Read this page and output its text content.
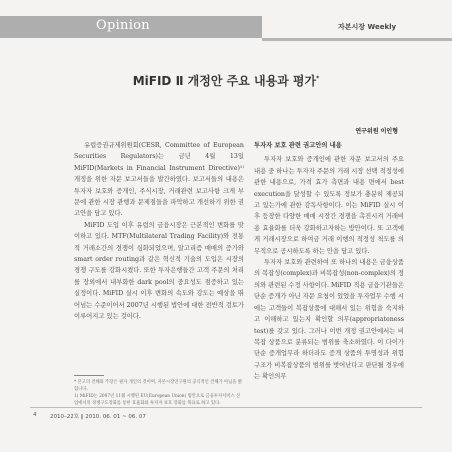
Opinion	자본시장 Weekly
MiFID Ⅱ 개정안 주요 내용과 평가*
연구위원 이인형

유럽증권규제위원회(CESR, Committee of European Securities Regulators)는 금년 4월 13일 MiFID(Markets in Financial Instrument Directive)¹⁾ 개정을 위한 자문 보고서들을 발간하였다. 보고서들의 내용은 투자자 보호와 증개인, 주식시장, 거래관련 보고사항 크게 부문에 관한 시장 관행과 문제점들을 파악하고 개선하기 위한 권고안을 담고 있다.

MiFID 도입 이후 유럽의 금융시장은 근본적인 변화를 맞이하고 있다. MTF(Multilateral Trading Facility)와 전통적 거래소간의 경쟁이 심화되었으며, 알고리즘 매매의 증가와 smart order routing과 같은 혁신적 기술의 도입은 시장의 경쟁 구도를 강화시켰다. 또한 투자은행들간 고객 주문의 처리를 장외에서 내부화한 dark pool의 중요성도 점증하고 있는 실정이다. MiFID 실시 이후 변화의 속도와 강도는 예상을 뛰어넘는 수준이어서 2007년 시행된 법안에 대한 전반적 검토가 이루어지고 있는 것이다.

* 본고의 견해와 주장은 필자 개인의 것이며, 자본시장연구원의 공식적인 견해가 아님을 밝힙니다.

1) MiFID는 2007년 11월 시행된 EU(European Union) 법안으로 금융투자서비스 산업에서의 경쟁구도강화를 통한 효율화와 투자자 보호 강화를 목표로 하고 있다.

투자자 보호 관련 권고안의 내용

투자자 보호와 증개인에 관한 자문 보고서의 주요 내용 중 하나는 투자자 주문의 거래 시장 선택 적정성에 관한 내용으로, 가격 효가 측면과 내용 면에서 best execution을 달성할 수 있도록 정보가 충분히 제공되고 있는가에 관한 감독사항이다. 이는 MiFID 실시 이후 등장한 다양한 매매 시장간 경쟁을 촉진시켜 거래비용 효율화를 더욱 강화하고자하는 방안이다. 또 고객에게 거래시장으로 하여금 거래 이행의 적정성 척도를 의무적으로 공시하도록 하는 안을 담고 있다.

투자자 보호와 관련하여 또 하나의 내용은 금융상품의 복잡성(complex)과 비복잡성(non-complex)의 정의와 관련된 수정 사항이다. MiFID 적용 금융기관들은 단순 증개가 아닌 자문 요청이 있었을 투자업무 수행 시에는 고객들이 복잡상품에 대해서 있는 위험을 숙지하고 이해하고 있는지 확인할 의무(appropriateness test)를 갖고 있다. 그러나 이번 개정 권고안에서는 비복잡 상품으로 분류되는 범위를 축소하였다. 이 다이가 단순 증개업무라 하더라도 증개 상품의 투명성과 위험구조가 비복잡상품의 범위를 벗어난다고 판단될 경우에는 확인의무

4 2010–22호 ‖ 2010. 06. 01 ~ 06. 07
